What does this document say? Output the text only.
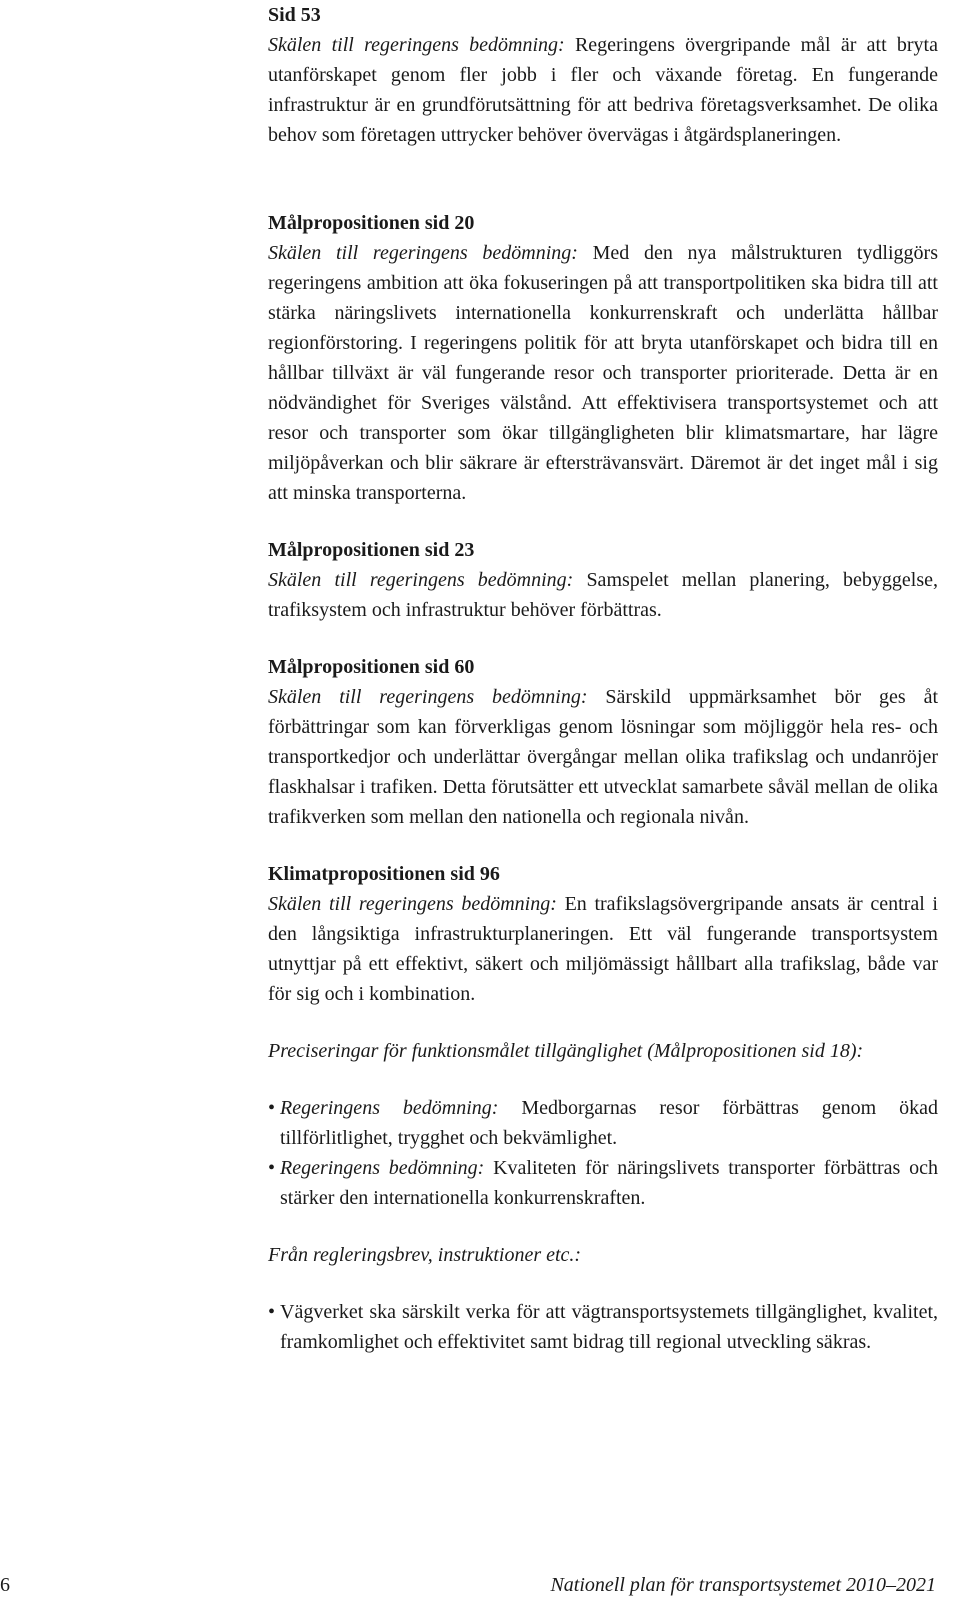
Sid 53
Skälen till regeringens bedömning: Regeringens övergripande mål är att bryta utanförskapet genom fler jobb i fler och växande företag. En fungerande infrastruktur är en grundförutsättning för att bedriva företagsverksamhet. De olika behov som företagen uttrycker behöver övervägas i åtgärdsplaneringen.
Målpropositionen sid 20
Skälen till regeringens bedömning: Med den nya målstrukturen tydliggörs regeringens ambition att öka fokuseringen på att transportpolitiken ska bidra till att stärka näringslivets internationella konkurrenskraft och underlätta hållbar regionförstoring. I regeringens politik för att bryta utanförskapet och bidra till en hållbar tillväxt är väl fungerande resor och transporter prioriterade. Detta är en nödvändighet för Sveriges välstånd. Att effektivisera transportsystemet och att resor och transporter som ökar tillgängligheten blir klimatsmartare, har lägre miljöpåverkan och blir säkrare är eftersträvansvärt. Däremot är det inget mål i sig att minska transporterna.
Målpropositionen sid 23
Skälen till regeringens bedömning: Samspelet mellan planering, bebyggelse, trafiksystem och infrastruktur behöver förbättras.
Målpropositionen sid 60
Skälen till regeringens bedömning: Särskild uppmärksamhet bör ges åt förbättringar som kan förverkligas genom lösningar som möjliggör hela res- och transportkedjor och underlättar övergångar mellan olika trafikslag och undanröjer flaskhalsar i trafiken. Detta förutsätter ett utvecklat samarbete såväl mellan de olika trafikverken som mellan den nationella och regionala nivån.
Klimatpropositionen sid 96
Skälen till regeringens bedömning: En trafikslagsövergripande ansats är central i den långsiktiga infrastrukturplaneringen. Ett väl fungerande transportsystem utnyttjar på ett effektivt, säkert och miljömässigt hållbart alla trafikslag, både var för sig och i kombination.

Preciseringar för funktionsmålet tillgänglighet (Målpropositionen sid 18):

• Regeringens bedömning: Medborgarnas resor förbättras genom ökad tillförlitlighet, trygghet och bekvämlighet.
• Regeringens bedömning: Kvaliteten för näringslivets transporter förbättras och stärker den internationella konkurrenskraften.

Från regleringsbrev, instruktioner etc.:

• Vägverket ska särskilt verka för att vägtransportsystemets tillgänglighet, kvalitet, framkomlighet och effektivitet samt bidrag till regional utveckling säkras.
6	Nationell plan för transportsystemet 2010–2021
